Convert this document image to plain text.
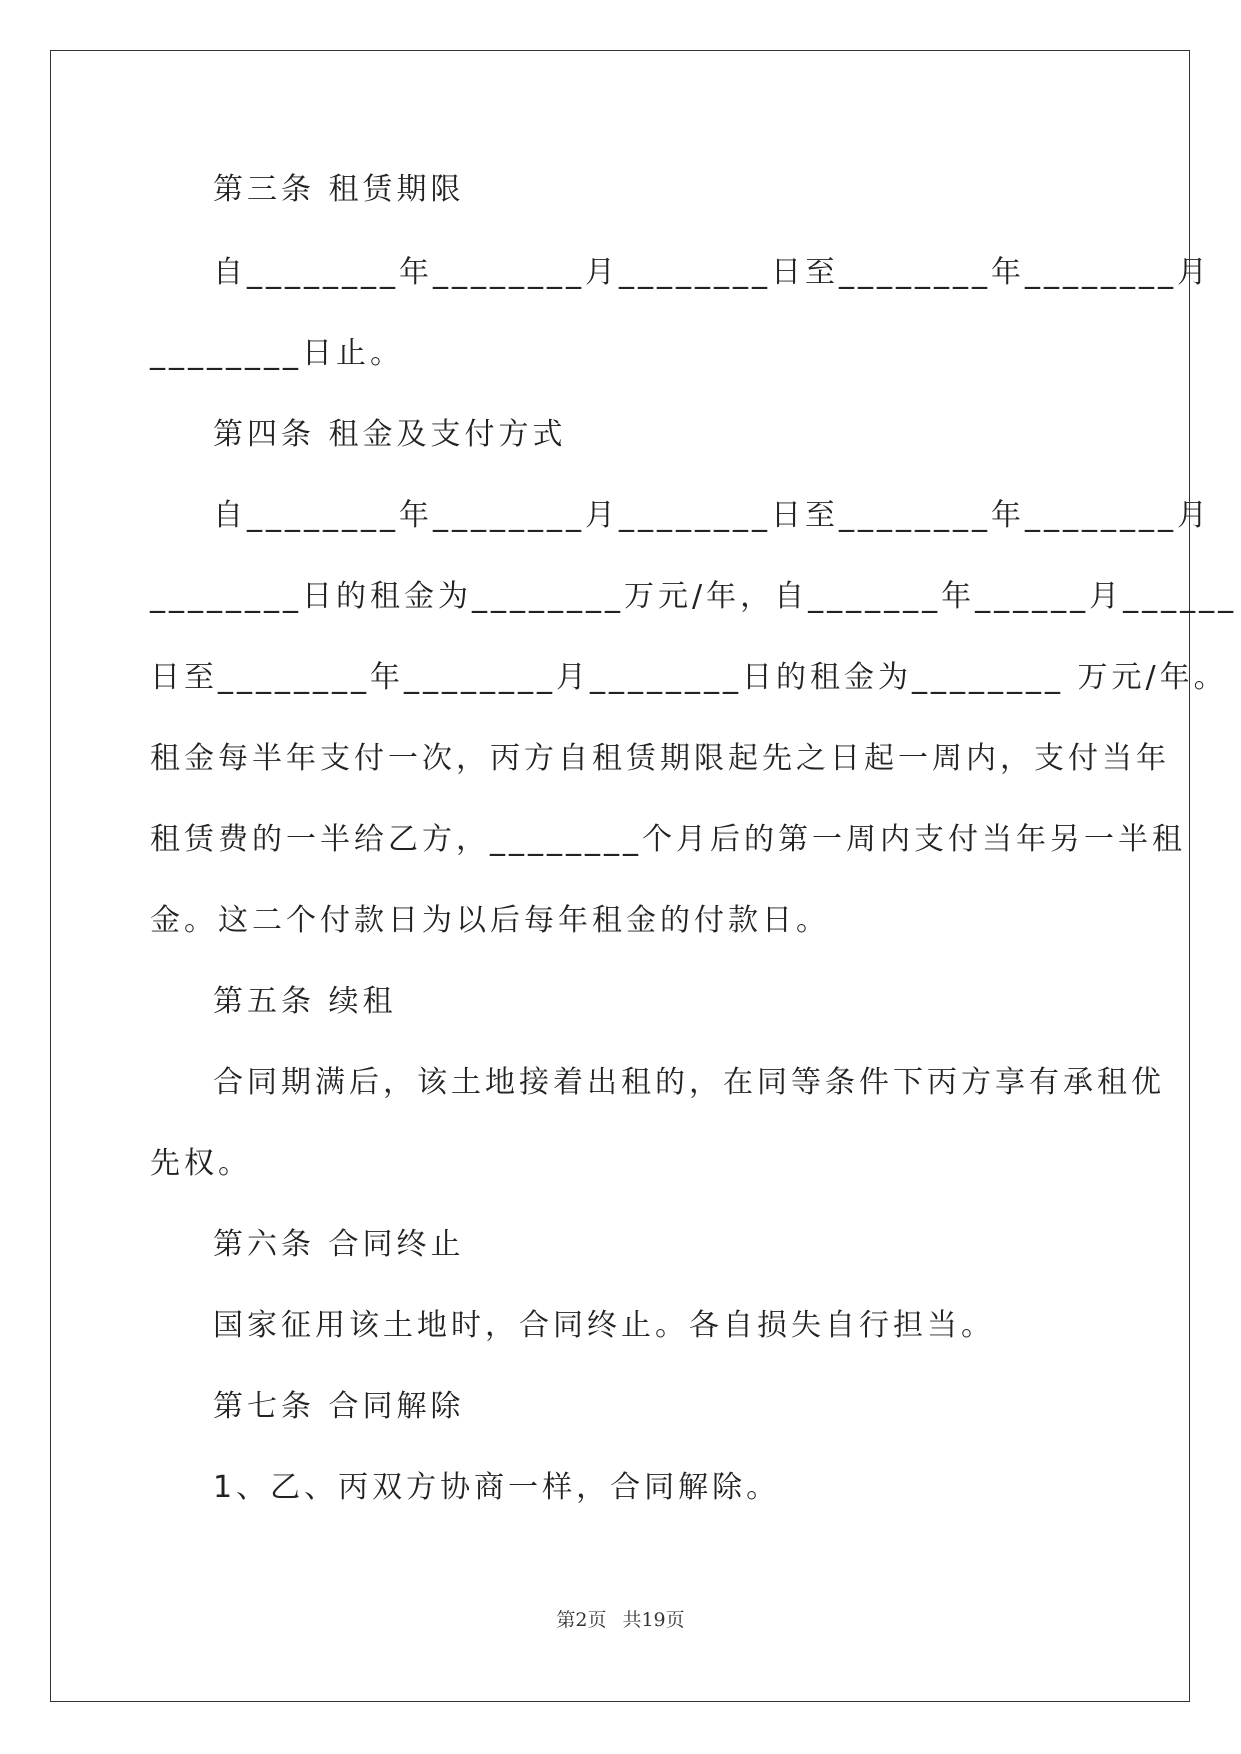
第三条 租赁期限
自________年________月________日至________年________月
________日止。
第四条 租金及支付方式
自________年________月________日至________年________月
________日的租金为________万元/年，自_______年______月______
日至________年________月________日的租金为________ 万元/年。
租金每半年支付一次，丙方自租赁期限起先之日起一周内，支付当年
租赁费的一半给乙方，________个月后的第一周内支付当年另一半租
金。这二个付款日为以后每年租金的付款日。
第五条 续租
合同期满后，该土地接着出租的，在同等条件下丙方享有承租优
先权。
第六条 合同终止
国家征用该土地时，合同终止。各自损失自行担当。
第七条 合同解除
1、乙、丙双方协商一样，合同解除。
第2页 共19页
